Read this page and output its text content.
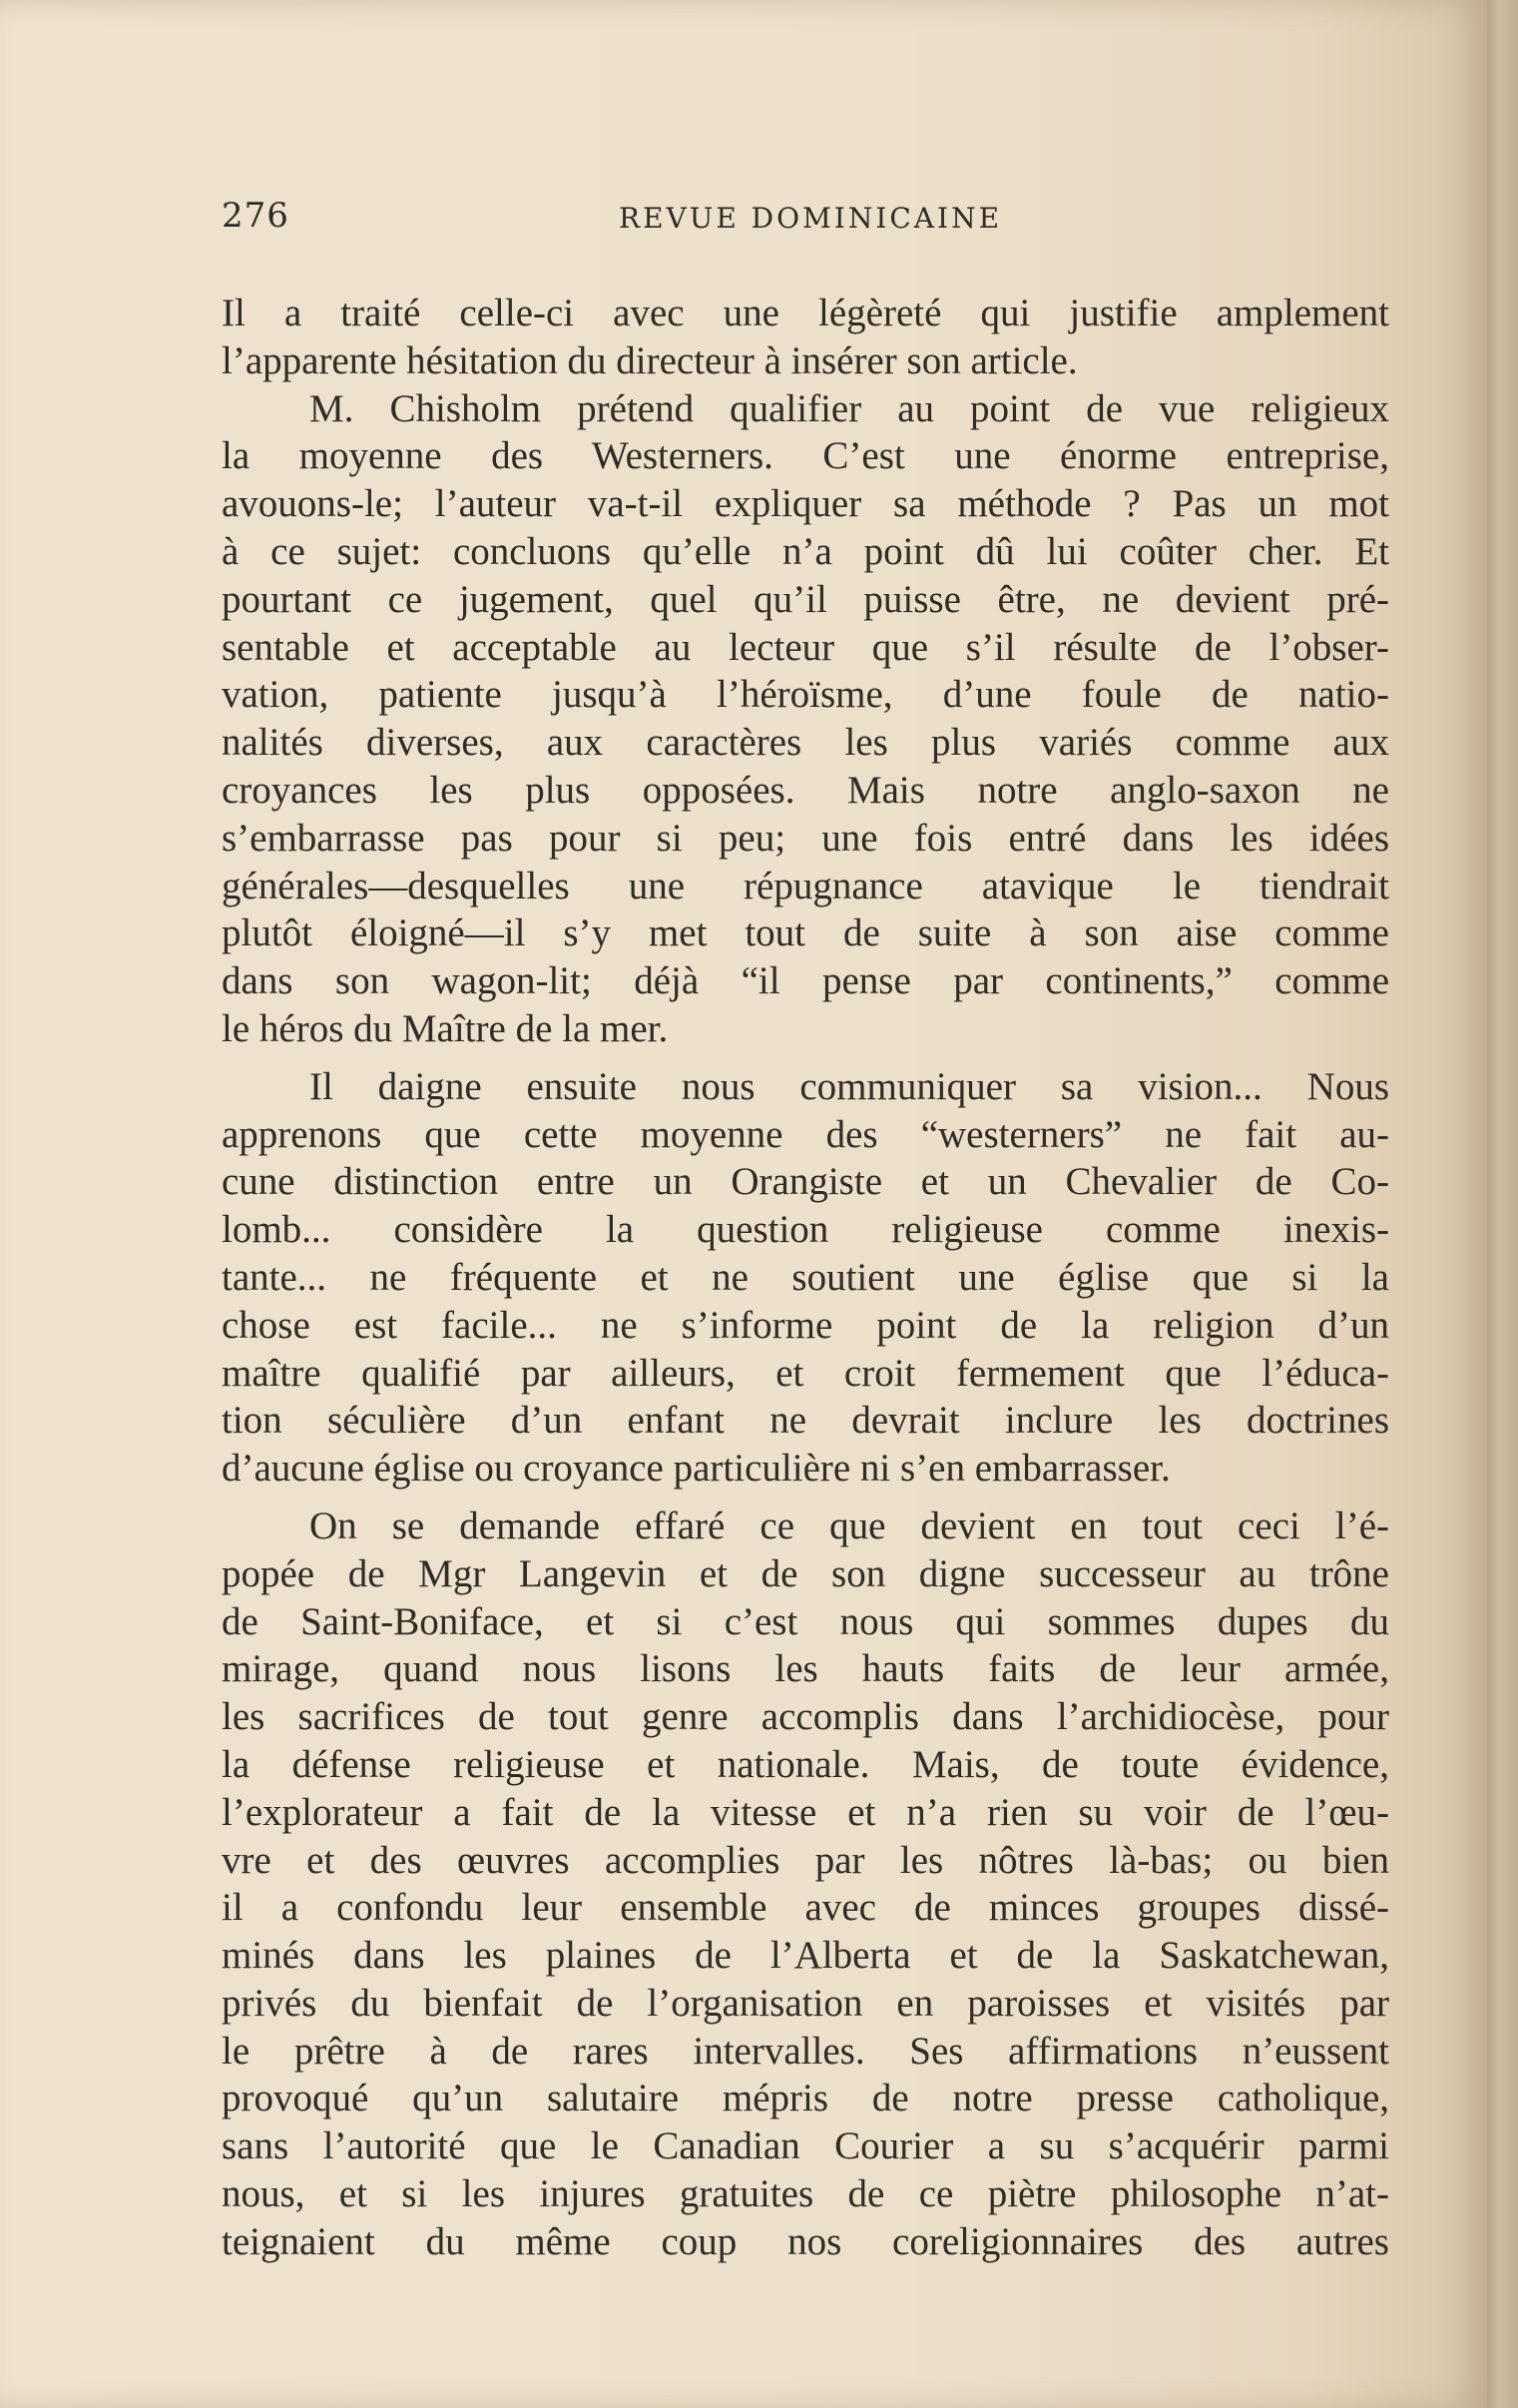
276	REVUE DOMINICAINE
Il a traité celle-ci avec une légèreté qui justifie amplement
l’apparente hésitation du directeur à insérer son article.
M. Chisholm prétend qualifier au point de vue religieux
la moyenne des Westerners. C’est une énorme entreprise,
avouons-le; l’auteur va-t-il expliquer sa méthode ? Pas un mot
à ce sujet: concluons qu’elle n’a point dû lui coûter cher. Et
pourtant ce jugement, quel qu’il puisse être, ne devient pré-
sentable et acceptable au lecteur que s’il résulte de l’obser-
vation, patiente jusqu’à l’héroïsme, d’une foule de natio-
nalités diverses, aux caractères les plus variés comme aux
croyances les plus opposées. Mais notre anglo-saxon ne
s’embarrasse pas pour si peu; une fois entré dans les idées
générales—desquelles une répugnance atavique le tiendrait
plutôt éloigné—il s’y met tout de suite à son aise comme
dans son wagon-lit; déjà “il pense par continents,” comme
le héros du Maître de la mer.
Il daigne ensuite nous communiquer sa vision... Nous
apprenons que cette moyenne des “westerners” ne fait au-
cune distinction entre un Orangiste et un Chevalier de Co-
lomb... considère la question religieuse comme inexis-
tante... ne fréquente et ne soutient une église que si la
chose est facile... ne s’informe point de la religion d’un
maître qualifié par ailleurs, et croit fermement que l’éduca-
tion séculière d’un enfant ne devrait inclure les doctrines
d’aucune église ou croyance particulière ni s’en embarrasser.
On se demande effaré ce que devient en tout ceci l’é-
popée de Mgr Langevin et de son digne successeur au trône
de Saint-Boniface, et si c’est nous qui sommes dupes du
mirage, quand nous lisons les hauts faits de leur armée,
les sacrifices de tout genre accomplis dans l’archidiocèse, pour
la défense religieuse et nationale. Mais, de toute évidence,
l’explorateur a fait de la vitesse et n’a rien su voir de l’œu-
vre et des œuvres accomplies par les nôtres là-bas; ou bien
il a confondu leur ensemble avec de minces groupes dissé-
minés dans les plaines de l’Alberta et de la Saskatchewan,
privés du bienfait de l’organisation en paroisses et visités par
le prêtre à de rares intervalles. Ses affirmations n’eussent
provoqué qu’un salutaire mépris de notre presse catholique,
sans l’autorité que le Canadian Courier a su s’acquérir parmi
nous, et si les injures gratuites de ce piètre philosophe n’at-
teignaient du même coup nos coreligionnaires des autres
